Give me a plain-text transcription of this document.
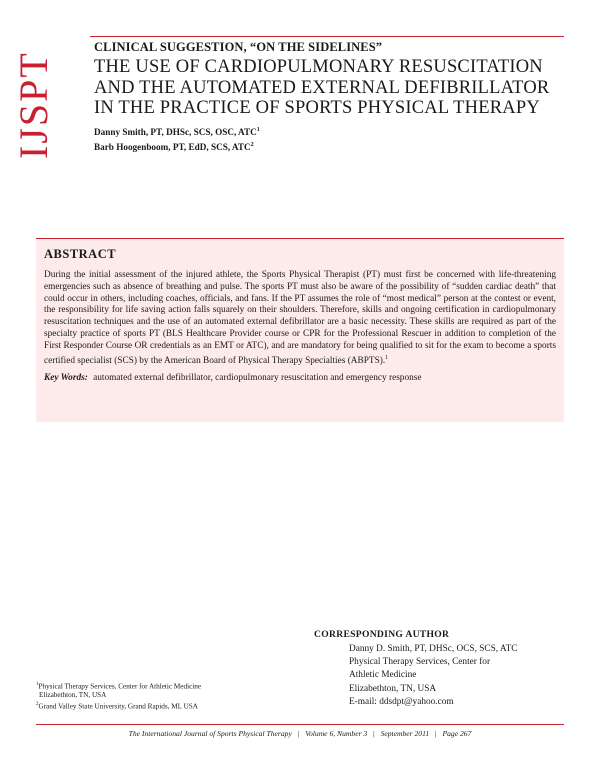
IJSPT
CLINICAL SUGGESTION, “ON THE SIDELINES”
THE USE OF CARDIOPULMONARY RESUSCITATION
AND THE AUTOMATED EXTERNAL DEFIBRILLATOR
IN THE PRACTICE OF SPORTS PHYSICAL THERAPY
Danny Smith, PT, DHSc, SCS, OSC, ATC$^1$
Barb Hoogenboom, PT, EdD, SCS, ATC$^2$
ABSTRACT
During the initial assessment of the injured athlete, the Sports Physical Therapist (PT) must first be concerned with life-threatening emergencies such as absence of breathing and pulse. The sports PT must also be aware of the possibility of “sudden cardiac death” that could occur in others, including coaches, officials, and fans. If the PT assumes the role of “most medical” person at the contest or event, the responsibility for life saving action falls squarely on their shoulders. Therefore, skills and ongoing certification in cardiopulmonary resuscitation techniques and the use of an automated external defibrillator are a basic necessity. These skills are required as part of the specialty practice of sports PT (BLS Healthcare Provider course or CPR for the Professional Rescuer in addition to completion of the First Responder Course OR credentials as an EMT or ATC), and are mandatory for being qualified to sit for the exam to become a sports certified specialist (SCS) by the American Board of Physical Therapy Specialties (ABPTS).$^1$
Key Words: automated external defibrillator, cardiopulmonary resuscitation and emergency response
CORRESPONDING AUTHOR
Danny D. Smith, PT, DHSc, OCS, SCS, ATC
Physical Therapy Services, Center for
Athletic Medicine
Elizabethton, TN, USA
E-mail: ddsdpt@yahoo.com
$^1$Physical Therapy Services, Center for Athletic Medicine
Elizabethton, TN, USA
$^2$Grand Valley State University, Grand Rapids, MI, USA
The International Journal of Sports Physical Therapy | Volume 6, Number 3 | September 2011 | Page 267
